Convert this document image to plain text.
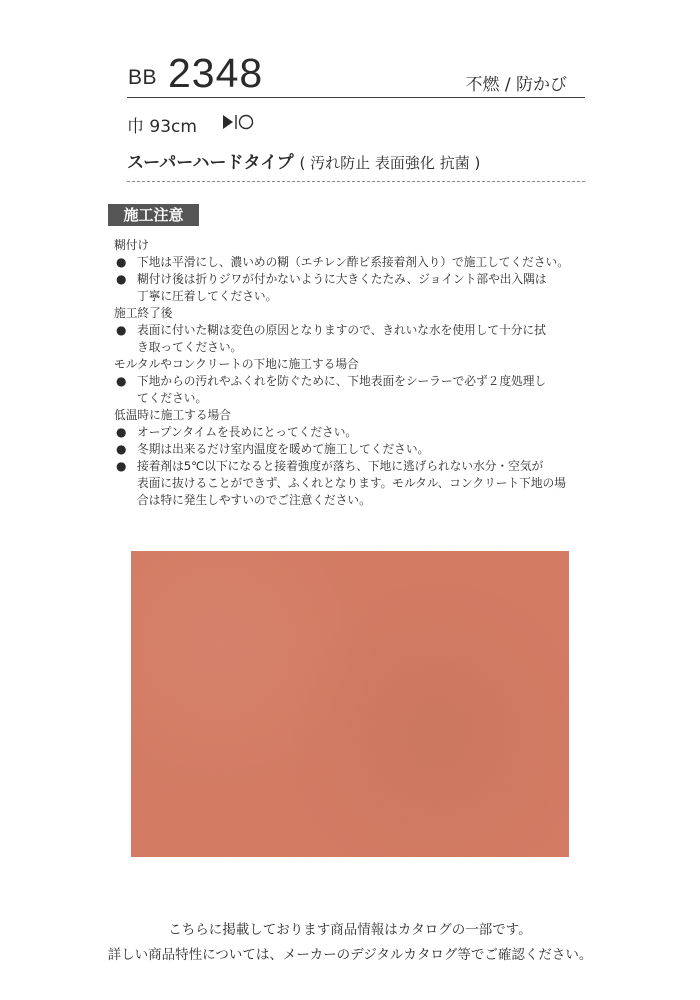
BB 2348	不燃 / 防かび
巾 93cm
スーパーハードタイプ ( 汚れ防止 表面強化 抗菌 )
施工注意
糊付け
● 下地は平滑にし、濃いめの糊（エチレン酢ビ系接着剤入り）で施工してください。
● 糊付け後は折りジワが付かないように大きくたたみ、ジョイント部や出入隅は
丁寧に圧着してください。
施工終了後
● 表面に付いた糊は変色の原因となりますので、きれいな水を使用して十分に拭
き取ってください。
モルタルやコンクリートの下地に施工する場合
● 下地からの汚れやふくれを防ぐために、下地表面をシーラーで必ず２度処理し
てください。
低温時に施工する場合
● オープンタイムを長めにとってください。
● 冬期は出来るだけ室内温度を暖めて施工してください。
● 接着剤は5℃以下になると接着強度が落ち、下地に逃げられない水分・空気が
表面に抜けることができず、ふくれとなります。モルタル、コンクリート下地の場
合は特に発生しやすいのでご注意ください。
こちらに掲載しております商品情報はカタログの一部です。
詳しい商品特性については、メーカーのデジタルカタログ等でご確認ください。
